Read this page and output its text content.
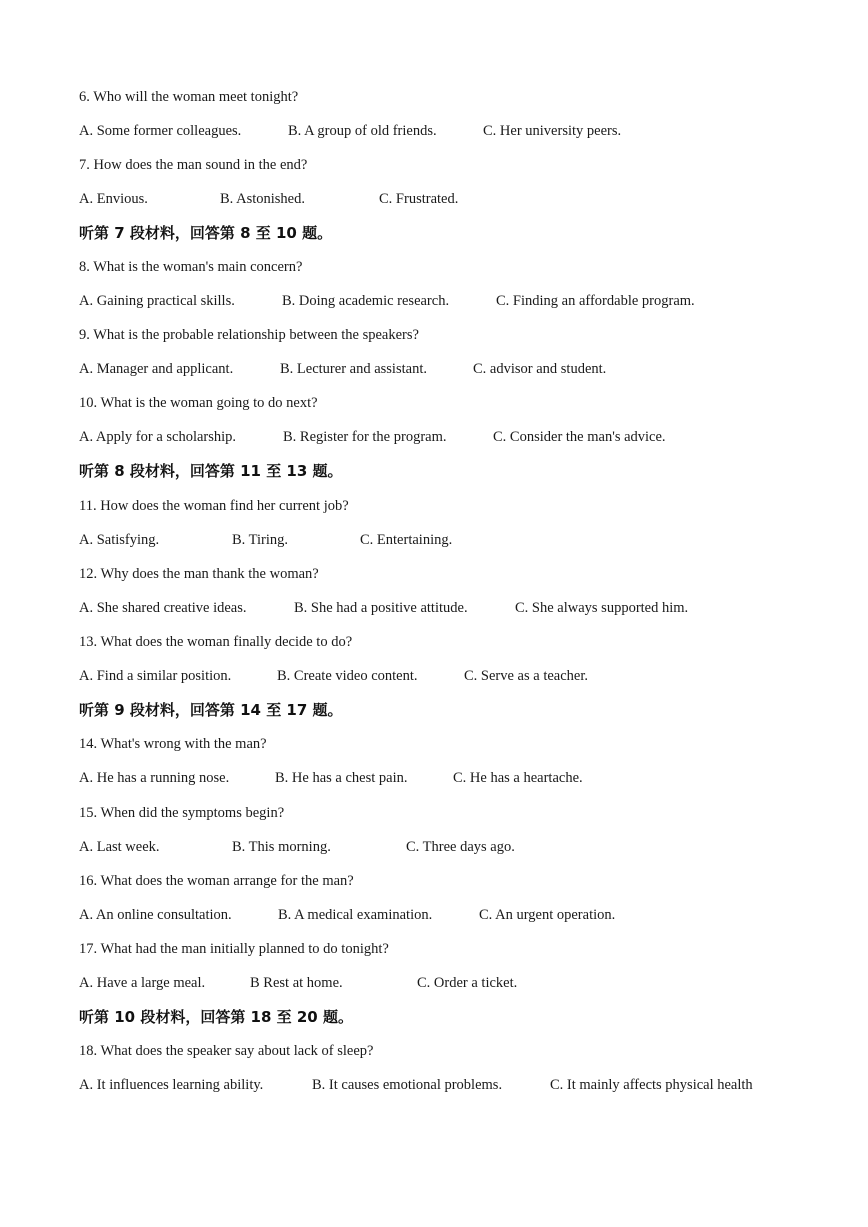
6. Who will the woman meet tonight?
A. Some former colleagues.	B. A group of old friends.	C. Her university peers.
7. How does the man sound in the end?
A. Envious.	B. Astonished.	C. Frustrated.
听第 7 段材料，回答第 8 至 10 题。
8. What is the woman's main concern?
A. Gaining practical skills.	B. Doing academic research.	C. Finding an affordable program.
9. What is the probable relationship between the speakers?
A. Manager and applicant.	B. Lecturer and assistant.	C. advisor and student.
10. What is the woman going to do next?
A. Apply for a scholarship.	B. Register for the program.	C. Consider the man's advice.
听第 8 段材料，回答第 11 至 13 题。
11. How does the woman find her current job?
A. Satisfying.	B. Tiring.	C. Entertaining.
12. Why does the man thank the woman?
A. She shared creative ideas.	B. She had a positive attitude.	C. She always supported him.
13. What does the woman finally decide to do?
A. Find a similar position.	B. Create video content.	C. Serve as a teacher.
听第 9 段材料，回答第 14 至 17 题。
14. What's wrong with the man?
A. He has a running nose.	B. He has a chest pain.	C. He has a heartache.
15. When did the symptoms begin?
A. Last week.	B. This morning.	C. Three days ago.
16. What does the woman arrange for the man?
A. An online consultation.	B. A medical examination.	C. An urgent operation.
17. What had the man initially planned to do tonight?
A. Have a large meal.	B Rest at home.	C. Order a ticket.
听第 10 段材料，回答第 18 至 20 题。
18. What does the speaker say about lack of sleep?
A. It influences learning ability.	B. It causes emotional problems.	C. It mainly affects physical health
